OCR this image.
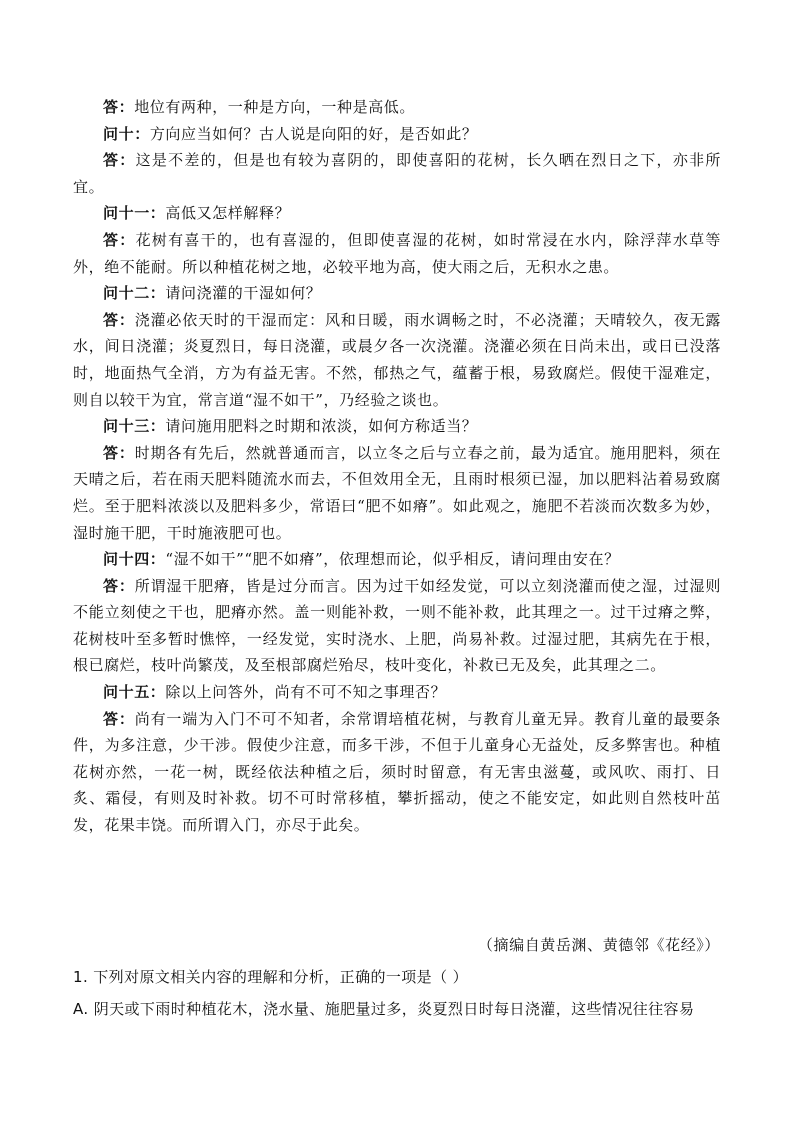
答：地位有两种，一种是方向，一种是高低。

问十：方向应当如何？古人说是向阳的好，是否如此？

答：这是不差的，但是也有较为喜阴的，即使喜阳的花树，长久晒在烈日之下，亦非所宜。

问十一：高低又怎样解释？

答：花树有喜干的，也有喜湿的，但即使喜湿的花树，如时常浸在水内，除浮萍水草等外，绝不能耐。所以种植花树之地，必较平地为高，使大雨之后，无积水之患。

问十二：请问浇灌的干湿如何？

答：浇灌必依天时的干湿而定：风和日暖，雨水调畅之时，不必浇灌；天晴较久，夜无露水，间日浇灌；炎夏烈日，每日浇灌，或晨夕各一次浇灌。浇灌必须在日尚未出，或日已没落时，地面热气全消，方为有益无害。不然，郁热之气，蕴蓄于根，易致腐烂。假使干湿难定，则自以较干为宜，常言道“湿不如干”，乃经验之谈也。

问十三：请问施用肥料之时期和浓淡，如何方称适当？

答：时期各有先后，然就普通而言，以立冬之后与立春之前，最为适宜。施用肥料，须在天晴之后，若在雨天肥料随流水而去，不但效用全无，且雨时根须已湿，加以肥料沾着易致腐烂。至于肥料浓淡以及肥料多少，常语曰“肥不如瘠”。如此观之，施肥不若淡而次数多为妙，湿时施干肥，干时施液肥可也。

问十四：“湿不如干”“肥不如瘠”，依理想而论，似乎相反，请问理由安在？

答：所谓湿干肥瘠，皆是过分而言。因为过干如经发觉，可以立刻浇灌而使之湿，过湿则不能立刻使之干也，肥瘠亦然。盖一则能补救，一则不能补救，此其理之一。过干过瘠之弊，花树枝叶至多暂时憔悴，一经发觉，实时浇水、上肥，尚易补救。过湿过肥，其病先在于根，根已腐烂，枝叶尚繁茂，及至根部腐烂殆尽，枝叶变化，补救已无及矣，此其理之二。

问十五：除以上问答外，尚有不可不知之事理否？

答：尚有一端为入门不可不知者，余常谓培植花树，与教育儿童无异。教育儿童的最要条件，为多注意，少干涉。假使少注意，而多干涉，不但于儿童身心无益处，反多弊害也。种植花树亦然，一花一树，既经依法种植之后，须时时留意，有无害虫滋蔓，或风吹、雨打、日炙、霜侵，有则及时补救。切不可时常移植，攀折摇动，使之不能安定，如此则自然枝叶茁发，花果丰饶。而所谓入门，亦尽于此矣。

（摘编自黄岳渊、黄德邻《花经》）
1. 下列对原文相关内容的理解和分析，正确的一项是（ ）
A. 阴天或下雨时种植花木，浇水量、施肥量过多，炎夏烈日时每日浇灌，这些情况往往容易
